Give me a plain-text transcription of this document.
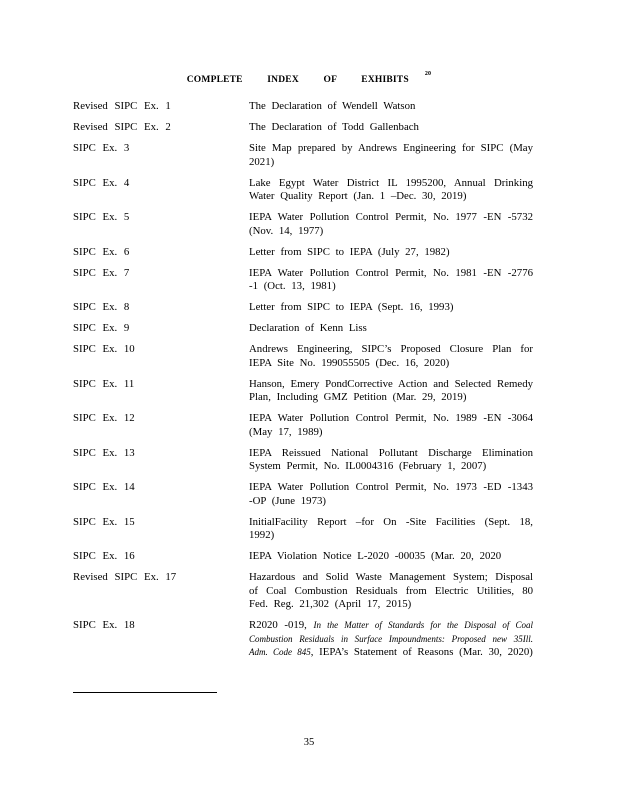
COMPLETE INDEX OF EXHIBITS$^{20}$
Revised SIPC Ex. 1	The Declaration of Wendell Watson
Revised SIPC Ex. 2	The Declaration of Todd Gallenbach
SIPC Ex. 3	Site Map prepared by Andrews Engineering for SIPC (May 2021)
SIPC Ex. 4	Lake Egypt Water District IL 1995200, Annual Drinking Water Quality Report (Jan. 1 –Dec. 30, 2019)
SIPC Ex. 5	IEPA Water Pollution Control Permit, No. 1977 -EN -5732 (Nov. 14, 1977)
SIPC Ex. 6	Letter from SIPC to IEPA (July 27, 1982)
SIPC Ex. 7	IEPA Water Pollution Control Permit, No. 1981 -EN -2776 -1 (Oct. 13, 1981)
SIPC Ex. 8	Letter from SIPC to IEPA (Sept. 16, 1993)
SIPC Ex. 9	Declaration of Kenn Liss
SIPC Ex. 10	Andrews Engineering, SIPC’s Proposed Closure Plan for IEPA Site No. 199055505 (Dec. 16, 2020)
SIPC Ex. 11	Hanson, Emery PondCorrective Action and Selected Remedy Plan, Including GMZ Petition (Mar. 29, 2019)
SIPC Ex. 12	IEPA Water Pollution Control Permit, No. 1989 -EN -3064 (May 17, 1989)
SIPC Ex. 13	IEPA Reissued National Pollutant Discharge Elimination System Permit, No. IL0004316 (February 1, 2007)
SIPC Ex. 14	IEPA Water Pollution Control Permit, No. 1973 -ED -1343 -OP (June 1973)
SIPC Ex. 15	InitialFacility Report –for On -Site Facilities (Sept. 18, 1992)
SIPC Ex. 16	IEPA Violation Notice L-2020 -00035 (Mar. 20, 2020
Revised SIPC Ex. 17	Hazardous and Solid Waste Management System; Disposal of Coal Combustion Residuals from Electric Utilities, 80 Fed. Reg. 21,302 (April 17, 2015)
SIPC Ex. 18	R2020 -019, In the Matter of Standards for the Disposal of Coal Combustion Residuals in Surface Impoundments: Proposed new 35Ill. Adm. Code 845, IEPA’s Statement of Reasons (Mar. 30, 2020)
35
